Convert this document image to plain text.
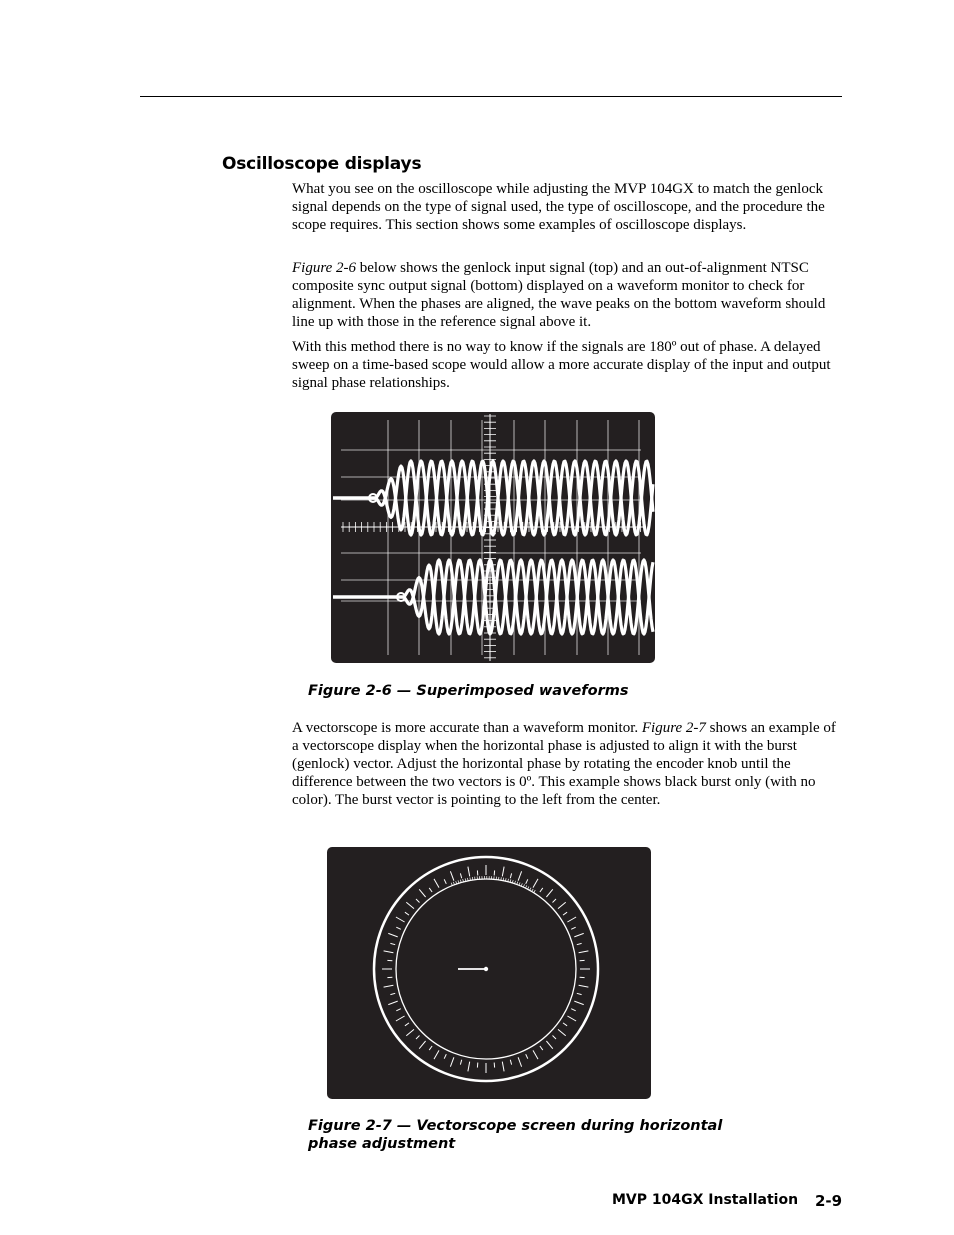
Oscilloscope displays

What you see on the oscilloscope while adjusting the MVP 104GX to match the genlock signal depends on the type of signal used, the type of oscilloscope, and the procedure the scope requires. This section shows some examples of oscilloscope displays.

Figure 2-6 below shows the genlock input signal (top) and an out-of-alignment NTSC composite sync output signal (bottom) displayed on a waveform monitor to check for alignment. When the phases are aligned, the wave peaks on the bottom waveform should line up with those in the reference signal above it.

With this method there is no way to know if the signals are 180º out of phase. A delayed sweep on a time-based scope would allow a more accurate display of the input and output signal phase relationships.

Figure 2-6 — Superimposed waveforms

A vectorscope is more accurate than a waveform monitor. Figure 2-7 shows an example of a vectorscope display when the horizontal phase is adjusted to align it with the burst (genlock) vector. Adjust the horizontal phase by rotating the encoder knob until the difference between the two vectors is 0º. This example shows black burst only (with no color). The burst vector is pointing to the left from the center.

Figure 2-7 — Vectorscope screen during horizontal
phase adjustment

MVP 104GX Installation 2-9
